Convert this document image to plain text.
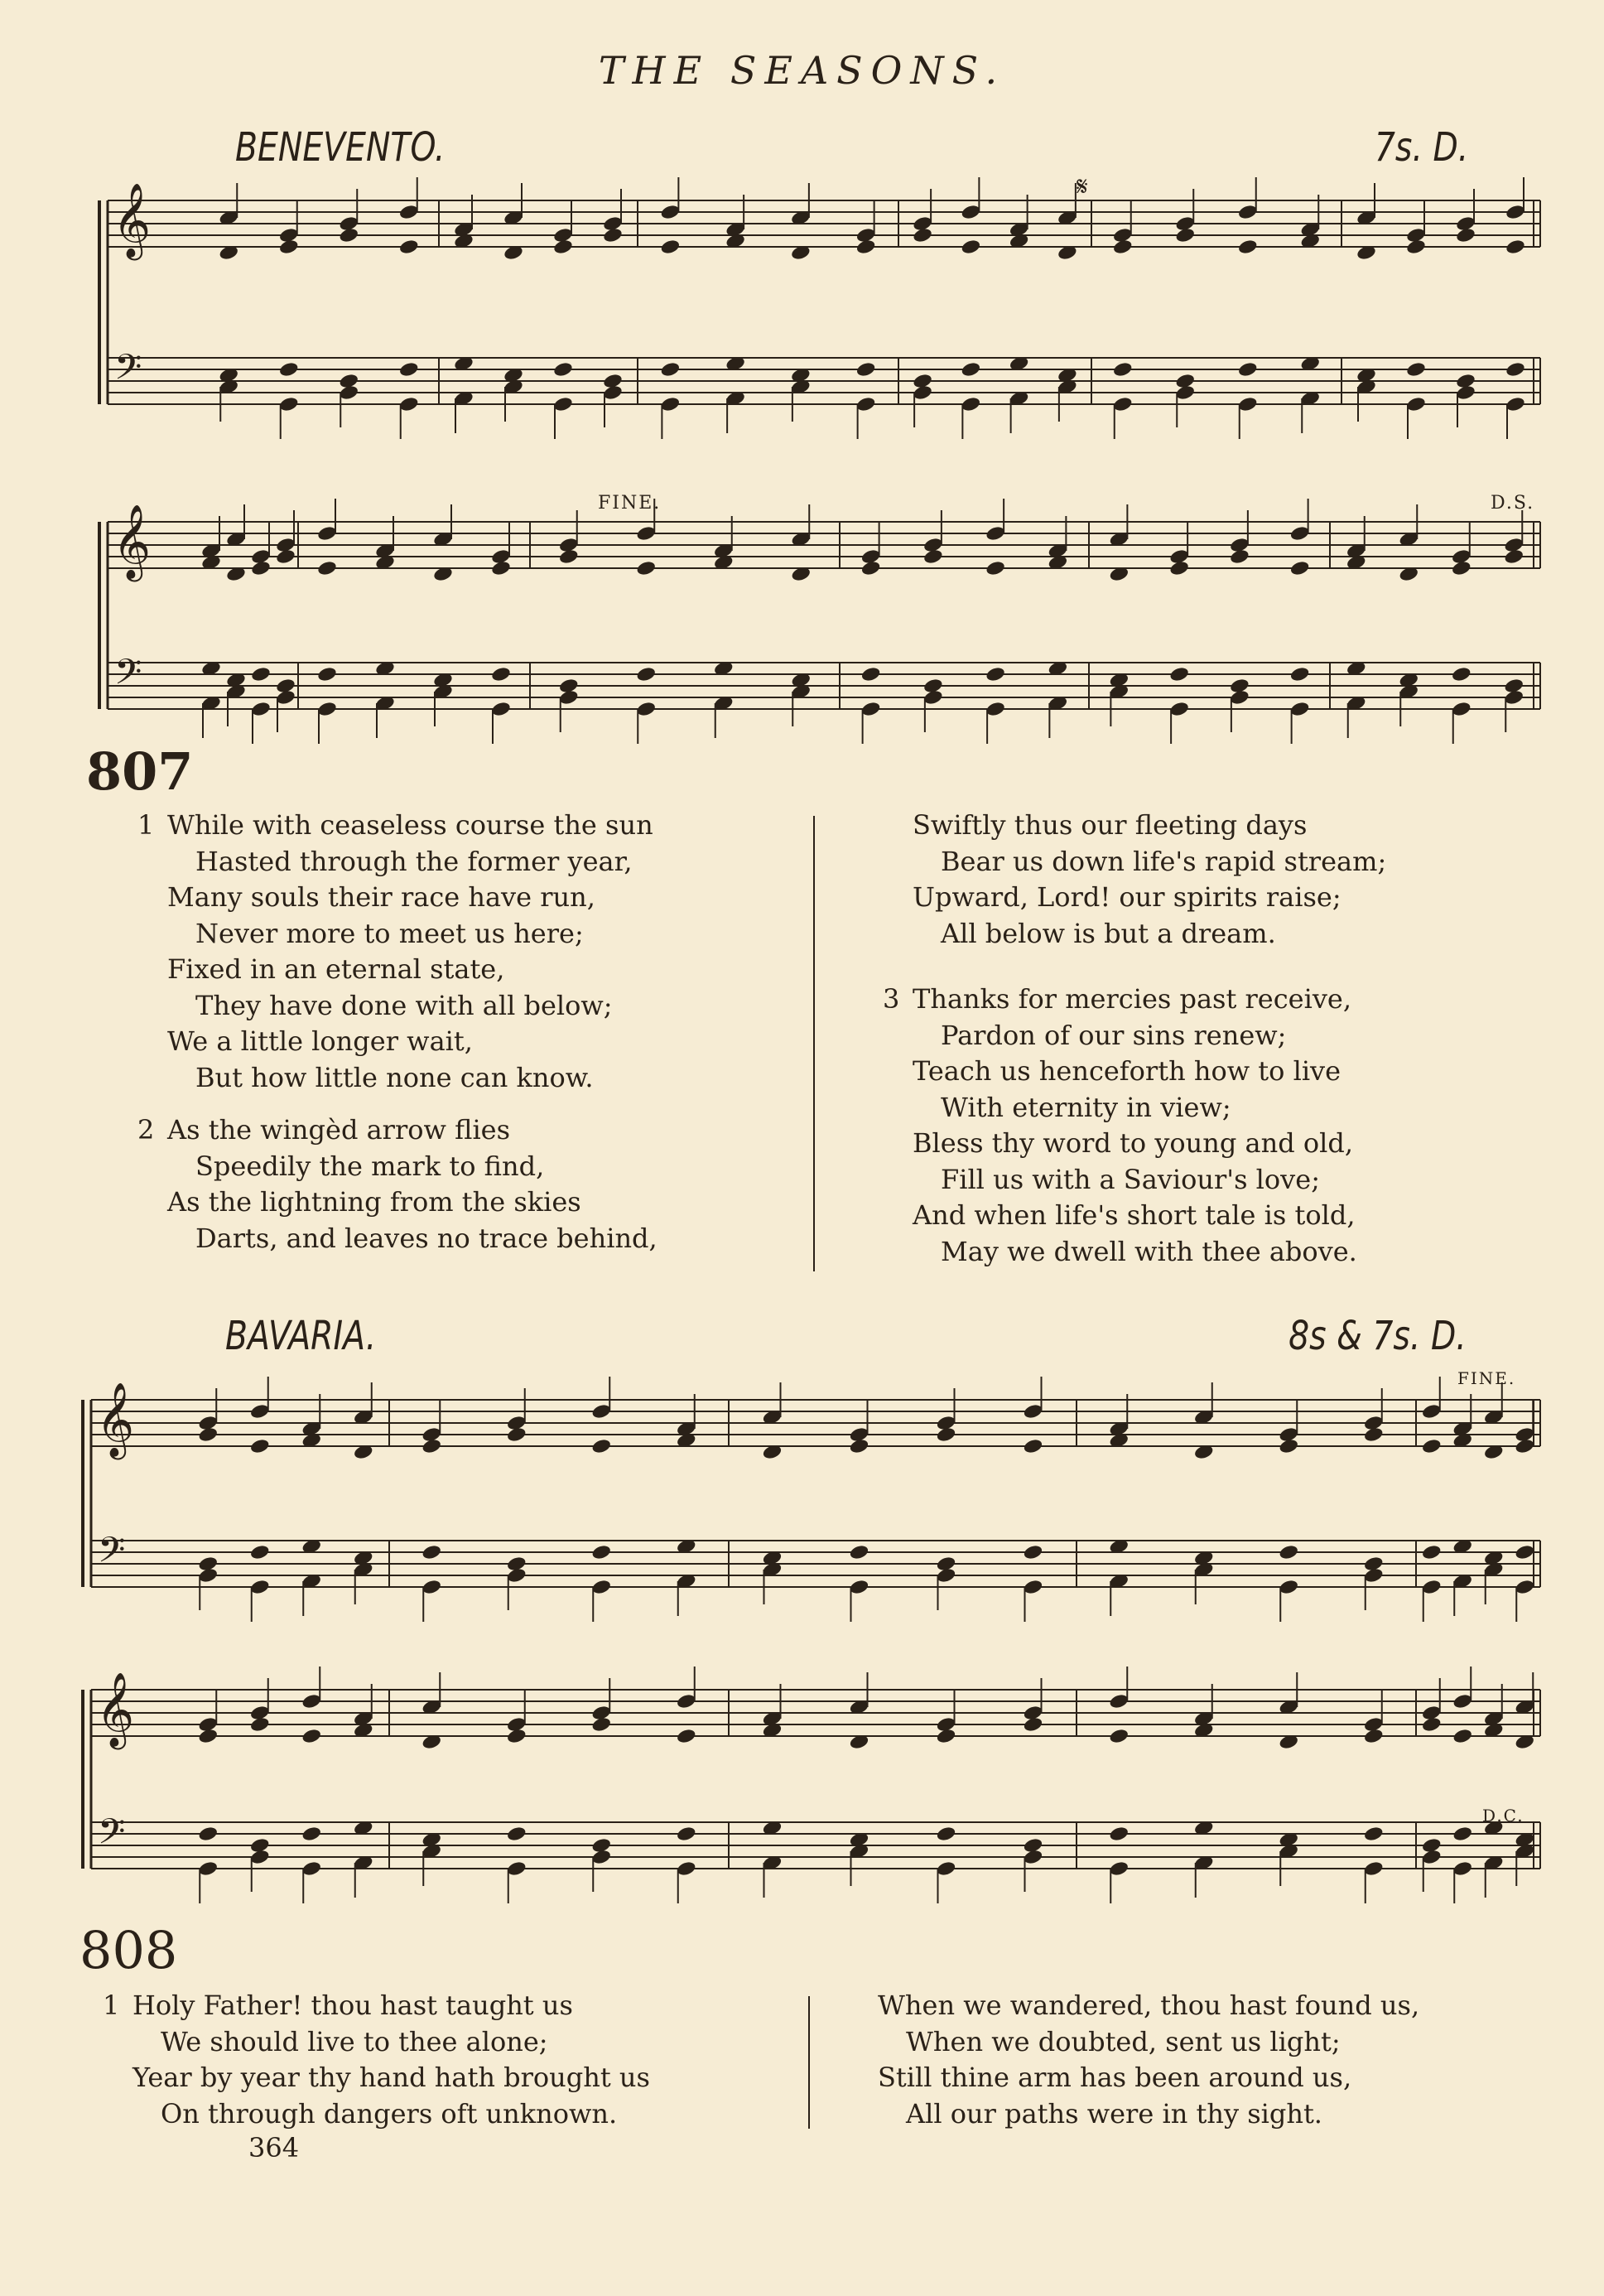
THE SEASONS.
BENEVENTO.	7s. D.
BAVARIA.	8s & 7s. D.
𝄞
𝄢
𝄞
𝄢
𝄞
𝄢
𝄞
𝄢
𝄋
FINE.	D.S.
FINE.
D.C.
807
1 While with ceaseless course the sun
Hasted through the former year,
Many souls their race have run,
Never more to meet us here;
Fixed in an eternal state,
They have done with all below;
We a little longer wait,
But how little none can know.
2 As the wingèd arrow flies
Speedily the mark to find,
As the lightning from the skies
Darts, and leaves no trace behind,
Swiftly thus our fleeting days
Bear us down life's rapid stream;
Upward, Lord! our spirits raise;
All below is but a dream.
3 Thanks for mercies past receive,
Pardon of our sins renew;
Teach us henceforth how to live
With eternity in view;
Bless thy word to young and old,
Fill us with a Saviour's love;
And when life's short tale is told,
May we dwell with thee above.
808
1 Holy Father! thou hast taught us
We should live to thee alone;
Year by year thy hand hath brought us
On through dangers oft unknown.
When we wandered, thou hast found us,
When we doubted, sent us light;
Still thine arm has been around us,
All our paths were in thy sight.
364
